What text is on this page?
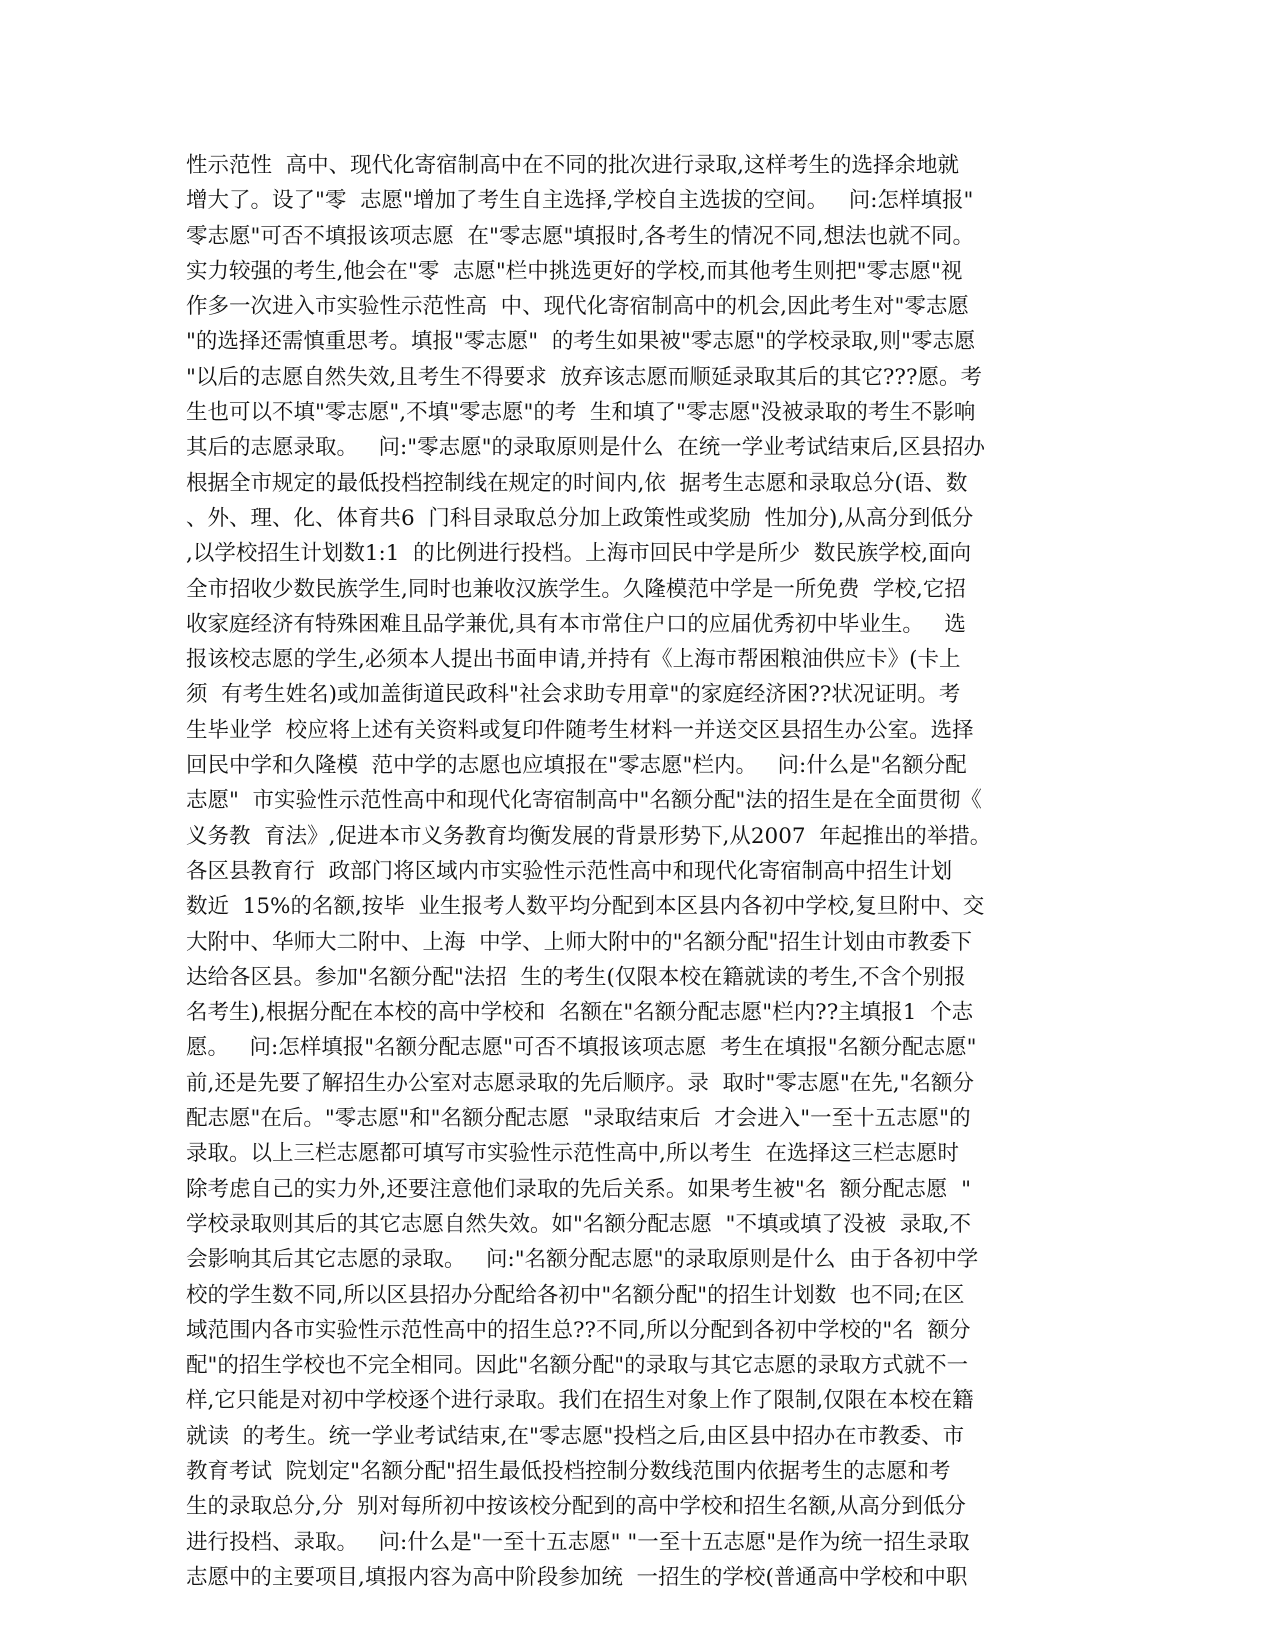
性示范性  高中、现代化寄宿制高中在不同的批次进行录取,这样考生的选择余地就
增大了。设了"零  志愿"增加了考生自主选择,学校自主选拔的空间。   问:怎样填报"
零志愿"可否不填报该项志愿  在"零志愿"填报时,各考生的情况不同,想法也就不同。
实力较强的考生,他会在"零  志愿"栏中挑选更好的学校,而其他考生则把"零志愿"视
作多一次进入市实验性示范性高  中、现代化寄宿制高中的机会,因此考生对"零志愿
"的选择还需慎重思考。填报"零志愿"  的考生如果被"零志愿"的学校录取,则"零志愿
"以后的志愿自然失效,且考生不得要求  放弃该志愿而顺延录取其后的其它???愿。考
生也可以不填"零志愿",不填"零志愿"的考  生和填了"零志愿"没被录取的考生不影响
其后的志愿录取。   问:"零志愿"的录取原则是什么  在统一学业考试结束后,区县招办
根据全市规定的最低投档控制线在规定的时间内,依  据考生志愿和录取总分(语、数
、外、理、化、体育共6  门科目录取总分加上政策性或奖励  性加分),从高分到低分
,以学校招生计划数1:1  的比例进行投档。上海市回民中学是所少  数民族学校,面向
全市招收少数民族学生,同时也兼收汉族学生。久隆模范中学是一所免费  学校,它招
收家庭经济有特殊困难且品学兼优,具有本市常住户口的应届优秀初中毕业生。   选
报该校志愿的学生,必须本人提出书面申请,并持有《上海市帮困粮油供应卡》(卡上
须  有考生姓名)或加盖街道民政科"社会求助专用章"的家庭经济困??状况证明。考
生毕业学  校应将上述有关资料或复印件随考生材料一并送交区县招生办公室。选择
回民中学和久隆模  范中学的志愿也应填报在"零志愿"栏内。   问:什么是"名额分配
志愿"  市实验性示范性高中和现代化寄宿制高中"名额分配"法的招生是在全面贯彻《
义务教  育法》,促进本市义务教育均衡发展的背景形势下,从2007  年起推出的举措。
各区县教育行  政部门将区域内市实验性示范性高中和现代化寄宿制高中招生计划
数近  15%的名额,按毕  业生报考人数平均分配到本区县内各初中学校,复旦附中、交
大附中、华师大二附中、上海  中学、上师大附中的"名额分配"招生计划由市教委下
达给各区县。参加"名额分配"法招  生的考生(仅限本校在籍就读的考生,不含个别报
名考生),根据分配在本校的高中学校和  名额在"名额分配志愿"栏内??主填报1  个志
愿。   问:怎样填报"名额分配志愿"可否不填报该项志愿  考生在填报"名额分配志愿"
前,还是先要了解招生办公室对志愿录取的先后顺序。录  取时"零志愿"在先,"名额分
配志愿"在后。"零志愿"和"名额分配志愿  "录取结束后  才会进入"一至十五志愿"的
录取。以上三栏志愿都可填写市实验性示范性高中,所以考生  在选择这三栏志愿时
除考虑自己的实力外,还要注意他们录取的先后关系。如果考生被"名  额分配志愿  "
学校录取则其后的其它志愿自然失效。如"名额分配志愿  "不填或填了没被  录取,不
会影响其后其它志愿的录取。   问:"名额分配志愿"的录取原则是什么  由于各初中学
校的学生数不同,所以区县招办分配给各初中"名额分配"的招生计划数  也不同;在区
域范围内各市实验性示范性高中的招生总??不同,所以分配到各初中学校的"名  额分
配"的招生学校也不完全相同。因此"名额分配"的录取与其它志愿的录取方式就不一
样,它只能是对初中学校逐个进行录取。我们在招生对象上作了限制,仅限在本校在籍
就读  的考生。统一学业考试结束,在"零志愿"投档之后,由区县中招办在市教委、市
教育考试  院划定"名额分配"招生最低投档控制分数线范围内依据考生的志愿和考
生的录取总分,分  别对每所初中按该校分配到的高中学校和招生名额,从高分到低分
进行投档、录取。   问:什么是"一至十五志愿" "一至十五志愿"是作为统一招生录取
志愿中的主要项目,填报内容为高中阶段参加统  一招生的学校(普通高中学校和中职
